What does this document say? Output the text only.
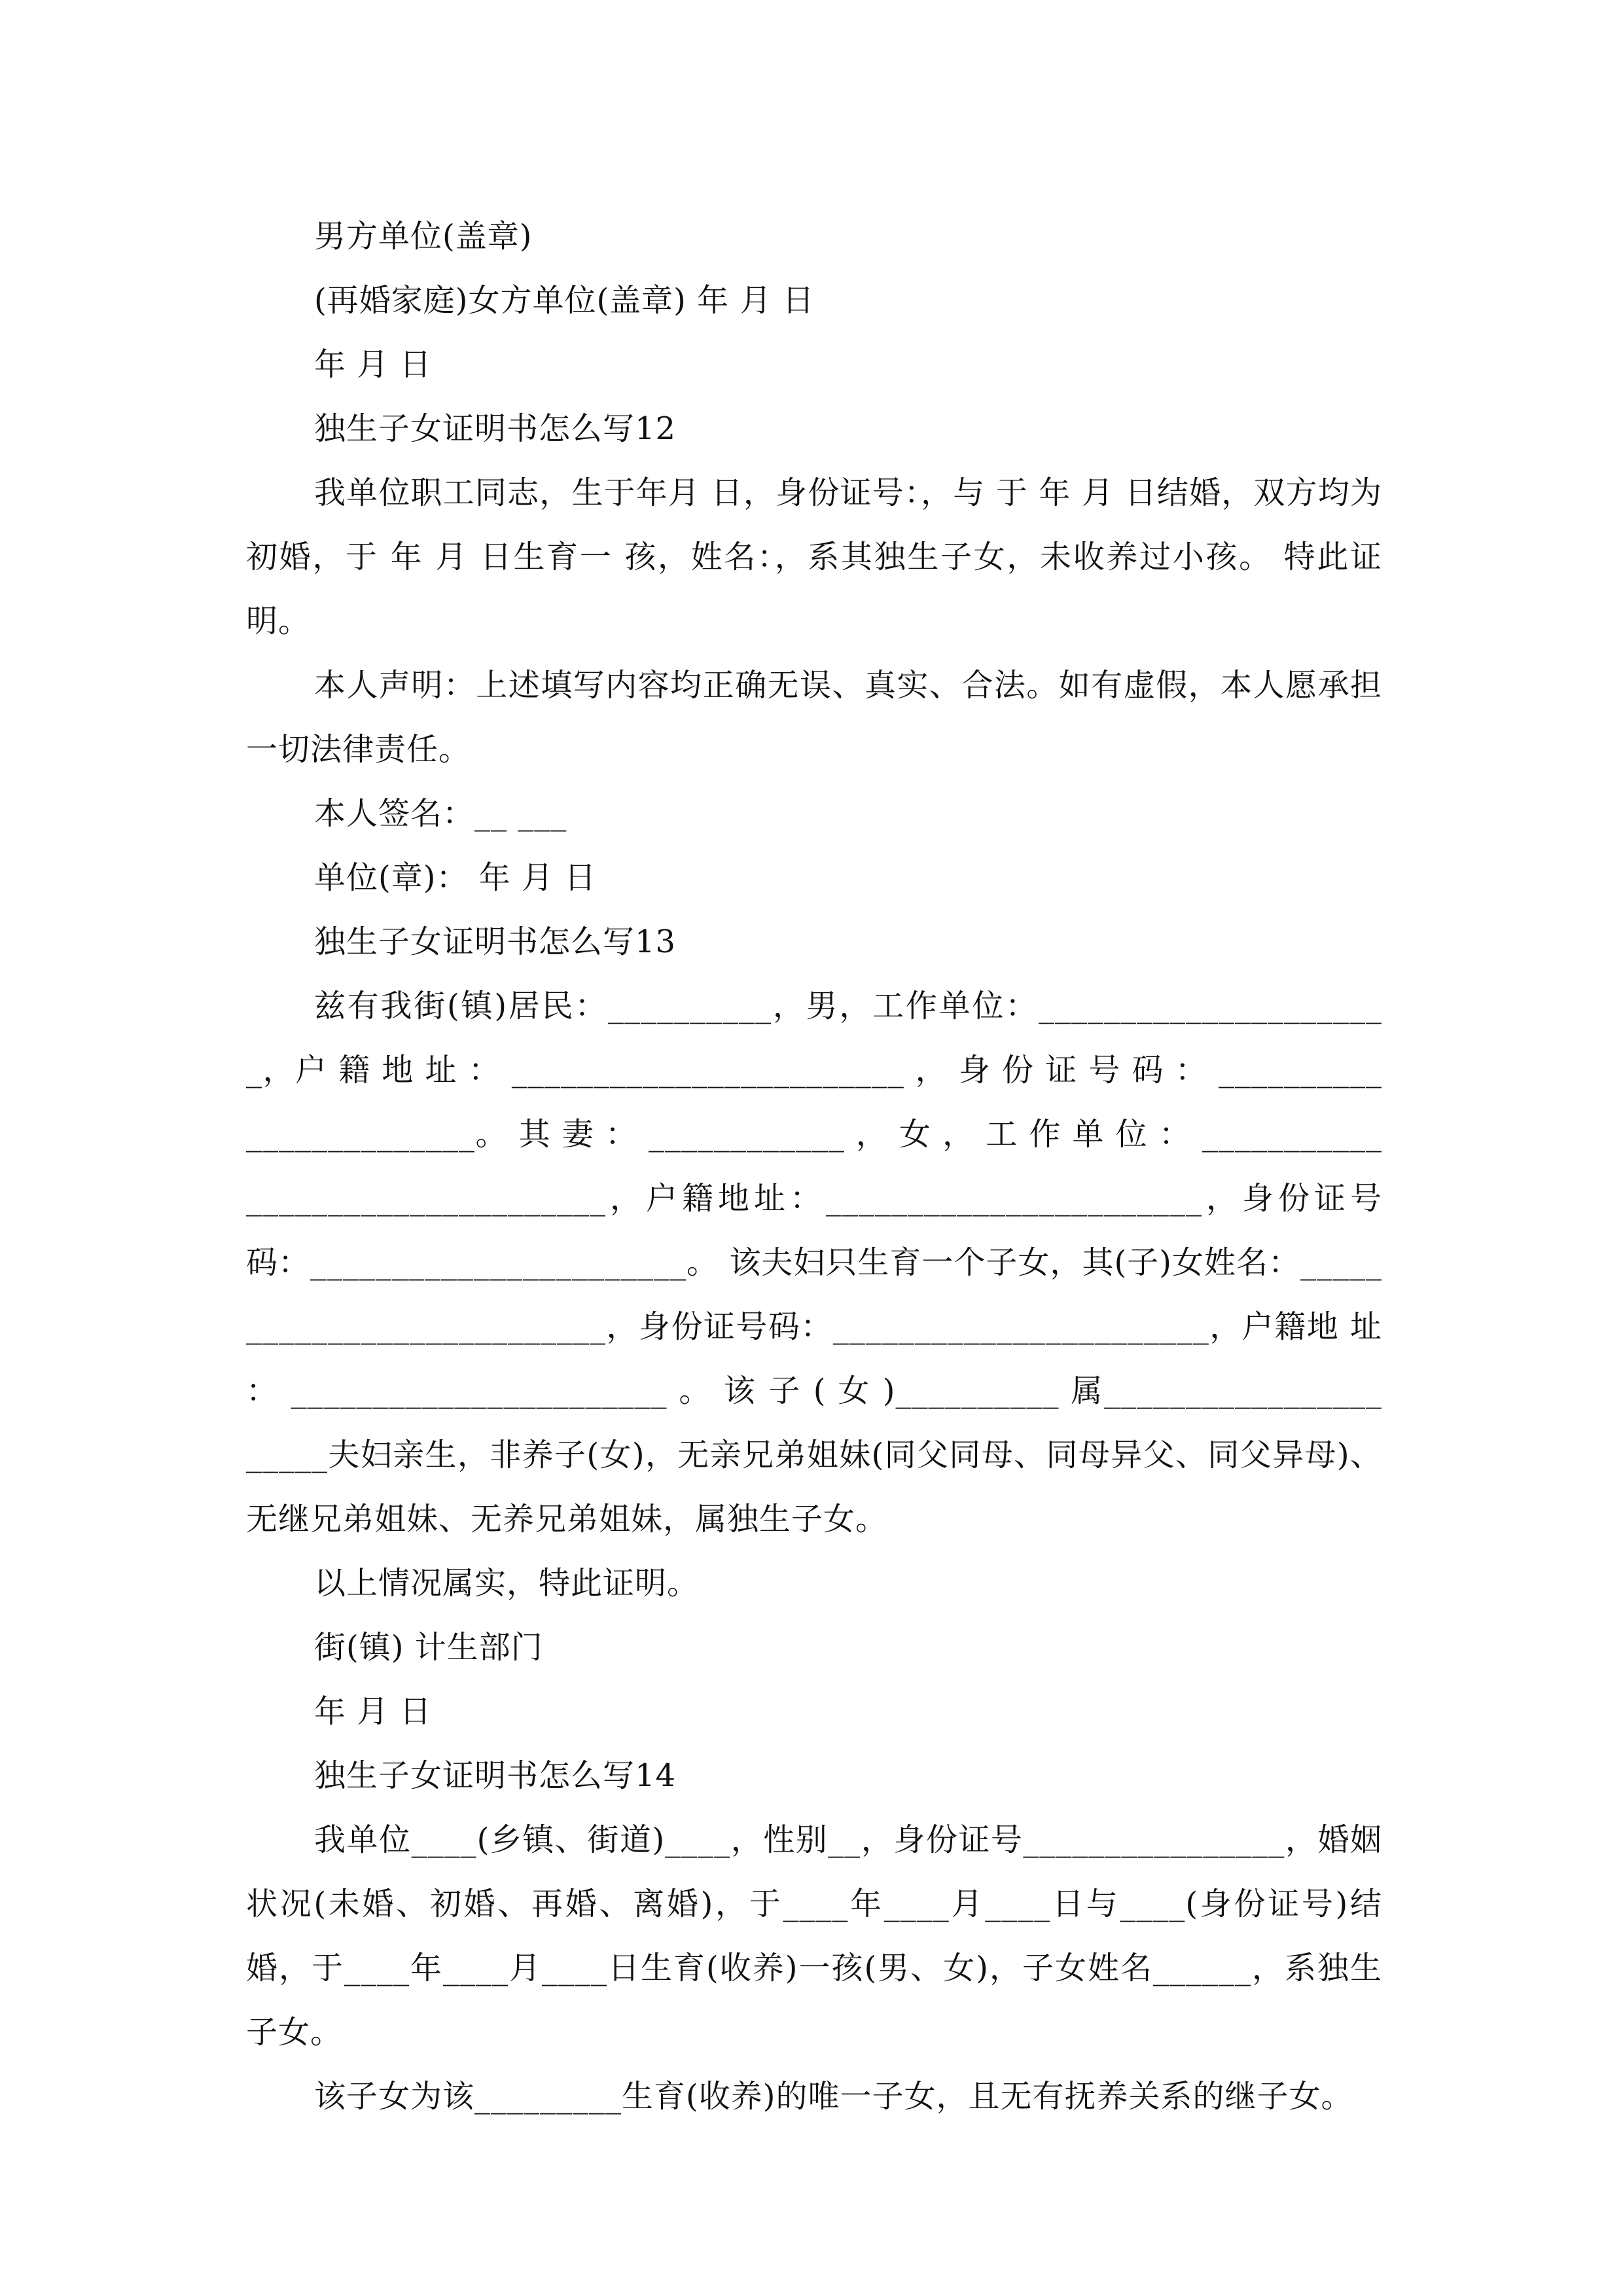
男方单位(盖章)

(再婚家庭)女方单位(盖章) 年 月 日

年 月 日

独生子女证明书怎么写12

我单位职工同志，生于年月 日，身份证号：，与 于 年 月 日结婚，双方均为初婚，于 年 月 日生育一 孩，姓名：，系其独生子女，未收养过小孩。 特此证明。

本人声明：上述填写内容均正确无误、真实、合法。如有虚假，本人愿承担一切法律责任。

本人签名：__ ___

单位(章)： 年 月 日

独生子女证明书怎么写13

兹有我街(镇)居民：__________，男，工作单位：______________________，户 籍 地 址 ： ________________________ ， 身 份 证 号 码 ： ________________________。 其 妻 ： ____________ ， 女 ， 工 作 单 位 ： _________________________________，户籍地址：_______________________，身份证号码：_______________________。 该夫妇只生育一个子女，其(子)女姓名：___________________________，身份证号码：_______________________，户籍地 址 ： _______________________ 。 该 子 ( 女 )__________ 属______________________夫妇亲生，非养子(女)，无亲兄弟姐妹(同父同母、同母异父、同父异母)、无继兄弟姐妹、无养兄弟姐妹，属独生子女。

以上情况属实，特此证明。

街(镇) 计生部门

年 月 日

独生子女证明书怎么写14

我单位____(乡镇、街道)____，性别__，身份证号________________，婚姻状况(未婚、初婚、再婚、离婚)，于____年____月____日与____(身份证号)结婚，于____年____月____日生育(收养)一孩(男、女)，子女姓名______，系独生子女。

该子女为该_________生育(收养)的唯一子女，且无有抚养关系的继子女。
